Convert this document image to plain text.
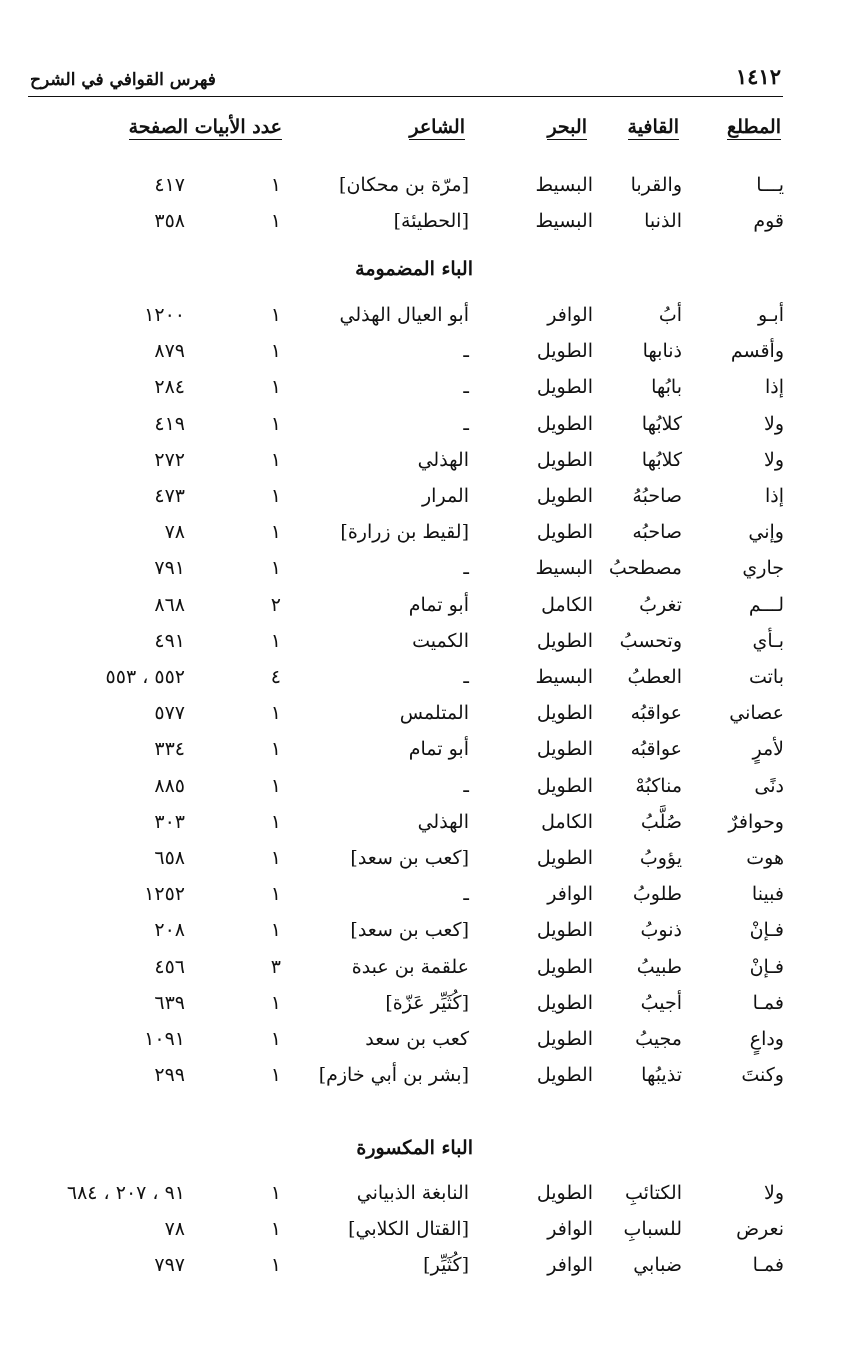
١٤١٢
فهرس القوافي في الشرح
المطلع
القافية
البحر
الشاعر
عدد الأبيات الصفحة
يـــا
والقربا
البسيط
[مرّة بن محكان]
١
٤١٧
قوم
الذنبا
البسيط
[الحطيئة]
١
٣٥٨
الباء المضمومة
أبـو
أبُ
الوافر
أبو العيال الهذلي
١
١٢٠٠
وأقسم
ذنابها
الطويل
ـ
١
٨٧٩
إذا
بابُها
الطويل
ـ
١
٢٨٤
ولا
كلابُها
الطويل
ـ
١
٤١٩
ولا
كلابُها
الطويل
الهذلي
١
٢٧٢
إذا
صاحبُهُ
الطويل
المرار
١
٤٧٣
وإني
صاحبُه
الطويل
[لقيط بن زرارة]
١
٧٨
جاري
مصطحبُ
البسيط
ـ
١
٧٩١
لـــم
تغربُ
الكامل
أبو تمام
٢
٨٦٨
بـأي
وتحسبُ
الطويل
الكميت
١
٤٩١
باتت
العطبُ
البسيط
ـ
٤
٥٥٢ ، ٥٥٣
عصاني
عواقبُه
الطويل
المتلمس
١
٥٧٧
لأمرٍ
عواقبُه
الطويل
أبو تمام
١
٣٣٤
دنًى
مناكبُهْ
الطويل
ـ
١
٨٨٥
وحوافرٌ
صُلَّبُ
الكامل
الهذلي
١
٣٠٣
هوت
يؤوبُ
الطويل
[كعب بن سعد]
١
٦٥٨
فبينا
طلوبُ
الوافر
ـ
١
١٢٥٢
فـإنْ
ذنوبُ
الطويل
[كعب بن سعد]
١
٢٠٨
فـإنْ
طبيبُ
الطويل
علقمة بن عبدة
٣
٤٥٦
فمـا
أجيبُ
الطويل
[كُثَيِّر عَزّة]
١
٦٣٩
وداعٍ
مجيبُ
الطويل
كعب بن سعد
١
١٠٩١
وكنتَ
تذيبُها
الطويل
[بشر بن أبي خازم]
١
٢٩٩
الباء المكسورة
ولا
الكتائبِ
الطويل
النابغة الذبياني
١
٩١ ، ٢٠٧ ، ٦٨٤
نعرض
للسبابِ
الوافر
[القتال الكلابي]
١
٧٨
فمـا
ضبابي
الوافر
[كُثَيِّر]
١
٧٩٧
